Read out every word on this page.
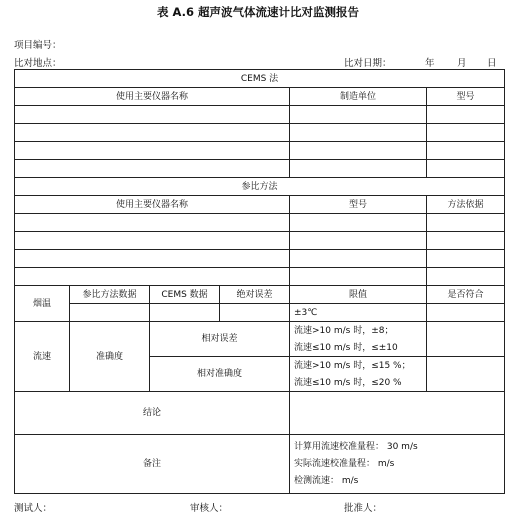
表 A.6 超声波气体流速计比对监测报告
项目编号：
比对地点：	比对日期：	年 月 日
CEMS 法					
使用主要仪器名称				制造单位	型号

参比方法					
使用主要仪器名称				型号	方法依据

烟温	参比方法数据	CEMS 数据	绝对误差	限值	是否符合
				±3℃	
流速	准确度	相对误差		流速>10 m/s 时，±8；
流速≤10 m/s 时，≤±10	

		相对准确度		流速>10 m/s 时，≤15 %；
流速≤10 m/s 时，≤20 %	

结论					
备注				计算用流速校准量程： 30 m/s
实际流速校准量程： m/s
检测流速： m/s	
测试人：	审核人：	批准人：
